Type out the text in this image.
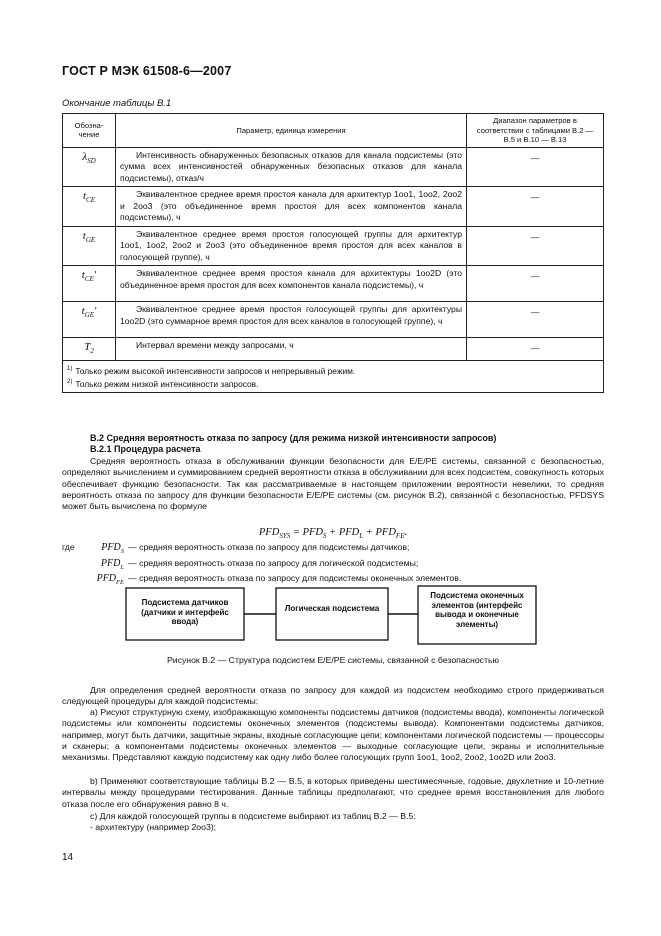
ГОСТ Р МЭК 61508-6—2007
Окончание таблицы В.1
Обозна-чение	Параметр, единица измерения	Диапазон параметров в соответствии с таблицами В.2 — В.5 и В.10 — В.13
$\lambda_{SD}$	Интенсивность обнаруженных безопасных отказов для канала подсистемы (это сумма всех интенсивностей обнаруженных безопасных отказов для канала подсистемы), отказ/ч	—
$t_{CE}$	Эквивалентное среднее время простоя канала для архитектур 1oo1, 1oo2, 2oo2 и 2oo3 (это объединенное время простоя для всех компонентов канала подсистемы), ч	—
$t_{GE}$	Эквивалентное среднее время простоя голосующей группы для архитектур 1oo1, 1oo2, 2oo2 и 2oo3 (это объединенное время простоя для всех каналов в голосующей группе), ч	—
$t_{CE}'$	Эквивалентное среднее время простоя канала для архитектуры 1oo2D (это объединенное время простоя для всех компонентов канала подсистемы), ч	—
$t_{GE}'$	Эквивалентное среднее время простоя голосующей группы для архитектуры 1oo2D (это суммарное время простоя для всех каналов в голосующей группе), ч	—
$T_2$	Интервал времени между запросами, ч	—

$^{1)}$ Только режим высокой интенсивности запросов и непрерывный режим.
$^{2)}$ Только режим низкой интенсивности запросов.		
В.2 Средняя вероятность отказа по запросу (для режима низкой интенсивности запросов)
В.2.1 Процедура расчета
Средняя вероятность отказа в обслуживании функции безопасности для Е/Е/РЕ системы, связанной с безопасностью, определяют вычислением и суммированием средней вероятности отказа в обслуживании для всех подсистем, совокупность которых обеспечивает функцию безопасности. Так как рассматриваемые в настоящем приложении вероятности невелики, то средняя вероятность отказа по запросу для функции безопасности Е/Е/РЕ системы (см. рисунок В.2), связанной с безопасностью, PFDSYS может быть вычислена по формуле
$PFD_{SYS} = PFD_S + PFD_L + PFD_{FE}$.
где	$PFD_S$ — средняя вероятность отказа по запросу для подсистемы датчиков;
$PFD_L$ — средняя вероятность отказа по запросу для логической подсистемы;
$PFD_{FE}$ — средняя вероятность отказа по запросу для подсистемы оконечных элементов.
Подсистема датчиков (датчики и интерфейс ввода)
Логическая подсистема
Подсистема оконечных элементов (интерфейс вывода и оконечные элементы)
Рисунок В.2 — Структура подсистем Е/Е/РЕ системы, связанной с безопасностью
Для определения средней вероятности отказа по запросу для каждой из подсистем необходимо строго придерживаться следующей процедуры для каждой подсистемы:
a) Рисуют структурную схему, изображающую компоненты подсистемы датчиков (подсистемы ввода), компоненты логической подсистемы или компоненты подсистемы оконечных элементов (подсистемы вывода). Компонентами подсистемы датчиков, например, могут быть датчики, защитные экраны, входные согласующие цепи; компонентами логической подсистемы — процессоры и сканеры; а компонентами подсистемы оконечных элементов — выходные согласующие цепи, экраны и исполнительные механизмы. Представляют каждую подсистему как одну либо более голосующих групп 1oo1, 1oo2, 2oo2, 1oo2D или 2oo3.
b) Применяют соответствующие таблицы В.2 — В.5, в которых приведены шестимесячные, годовые, двухлетние и 10-летние интервалы между процедурами тестирования. Данные таблицы предполагают, что среднее время восстановления для любого отказа после его обнаружения равно 8 ч.
c) Для каждой голосующей группы в подсистеме выбирают из таблиц В.2 — В.5:
- архитектуру (например 2oo3);
14
